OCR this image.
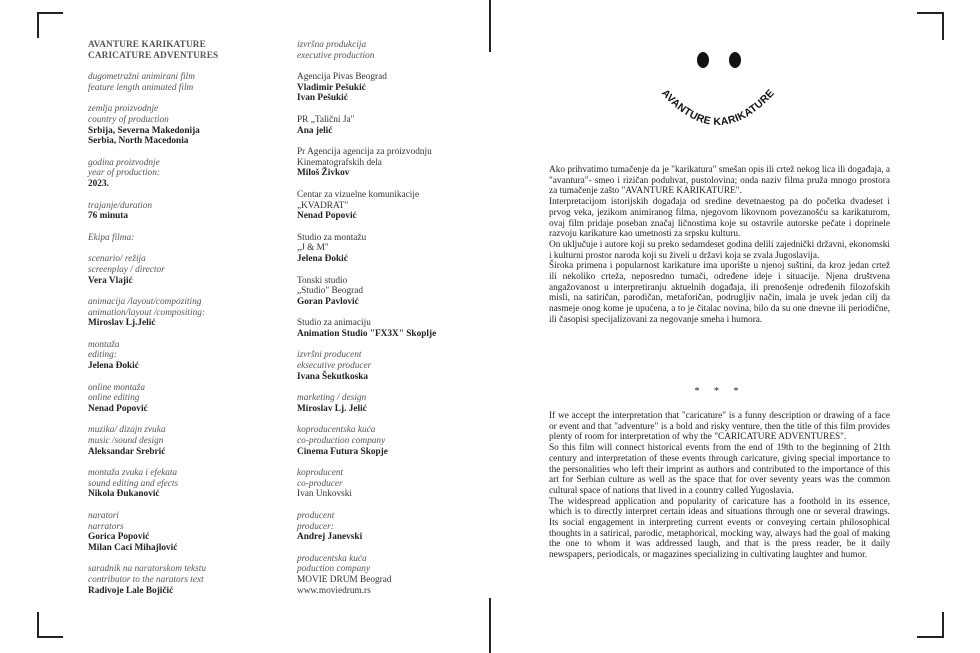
AVANTURE KARIKATURE
CARICATURE ADVENTURES
dugometražni animirani film
feature length animated film
zemlja proizvodnje
country of production
Srbija, Severna Makedonija
Serbia, North Macedonia
godina proizvodnje
year of production:
2023.
trajanje/duration
76 minuta
Ekipa filma:
scenario/ režija
screenplay / director
Vera Vlajić
animacija /layout/compoziting
animation/layout /compositing:
Miroslav Lj.Jelić
montaža
editing:
Jelena Đokić
online montaža
online editing
Nenad Popović
muzika/ dizajn zvuka
music /sound design
Aleksandar Srebrić
montaža zvuka i efekata
sound editing and efects
Nikola Đukanović
naratori
narrators
Gorica Popović
Milan Caci Mihajlović
saradnik na naratorskom tekstu
contributor to the narators text
Radivoje Lale Bojičić
izvršna produkcija
executive production
Agencija Pivas Beograd
Vladimir Pešukić
Ivan Pešukić
PR „Talični Ja"
Ana jelić
Pr Agencija agencija za proizvodnju
Kinematografskih dela
Miloš Živkov
Centar za vizuelne komunikacije
„KVADRAT"
Nenad Popović
Studio za montažu
„J & M"
Jelena Đokić
Tonski studio
„Studio" Beograd
Goran Pavlović
Studio za animaciju
Animation Studio "FX3X" Skoplje
izvršni producent
eksecutive producer
Ivana Šekutkoska
marketing / design
Miroslav Lj. Jelić
koproducentska kuća
co-production company
Cinema Futura Skopje
koproducent
co-producer
Ivan Unkovski
producent
producer:
Andrej Janevski
producentska kuća
poduction company
MOVIE DRUM Beograd
www.moviedrum.rs
AVANTURE KARIKATURE

Ako prihvatimo tumačenje da je "karikatura" smešan opis ili crtež nekog lica ili događaja, a "avantura"- smeo i rizičan poduhvat, pustolovina; onda naziv filma pruža mnogo prostora za tumačenje zašto "AVANTURE KARIKATURE".

Interpretacijom istorijskih događaja od sredine devetnaestog pa do početka dvadeset i prvog veka, jezikom animiranog filma, njegovom likovnom povezanošću sa karikaturom, ovaj film pridaje poseban značaj ličnostima koje su ostavrile autorske pečate i doprinele razvoju karikature kao umetnosti za srpsku kulturu.

On uključuje i autore koji su preko sedamdeset godina delili zajednički državni, ekonomski i kulturni prostor naroda koji su živeli u državi koja se zvala Jugoslavija.

Široka primena i popularnost karikature ima uporište u njenoj suštini, da kroz jedan crtež ili nekoliko crteža, neposredno tumači, određene ideje i situacije. Njena društvena angažovanost u interpretiranju aktuelnih događaja, ili prenošenje određenih filozofskih misli, na satiričan, parodičan, metaforičan, podrugljiv način, imala je uvek jedan cilj da nasmeje onog kome je upućena, a to je čitalac novina, bilo da su one dnevne ili periodične, ili časopisi specijalizovani za negovanje smeha i humora.

* * *

If we accept the interpretation that "caricature" is a funny description or drawing of a face or event and that "adventure" is a bold and risky venture, then the title of this film provides plenty of room for interpretation of why the "CARICATURE ADVENTURES".

So this film will connect historical events from the end of 19th to the beginning of 21th century and interpretation of these events through caricature, giving special importance to the personalities who left their imprint as authors and contributed to the importance of this art for Serbian culture as well as the space that for over seventy years was the common cultural space of nations that lived in a country called Yugoslavia.

The widespread application and popularity of caricature has a foothold in its essence, which is to directly interpret certain ideas and situations through one or several drawings. Its social engagement in interpreting current events or conveying certain philosophical thoughts in a satirical, parodic, metaphorical, mocking way, always had the goal of making the one to whom it was addressed laugh, and that is the press reader, be it daily newspapers, periodicals, or magazines specializing in cultivating laughter and humor.
